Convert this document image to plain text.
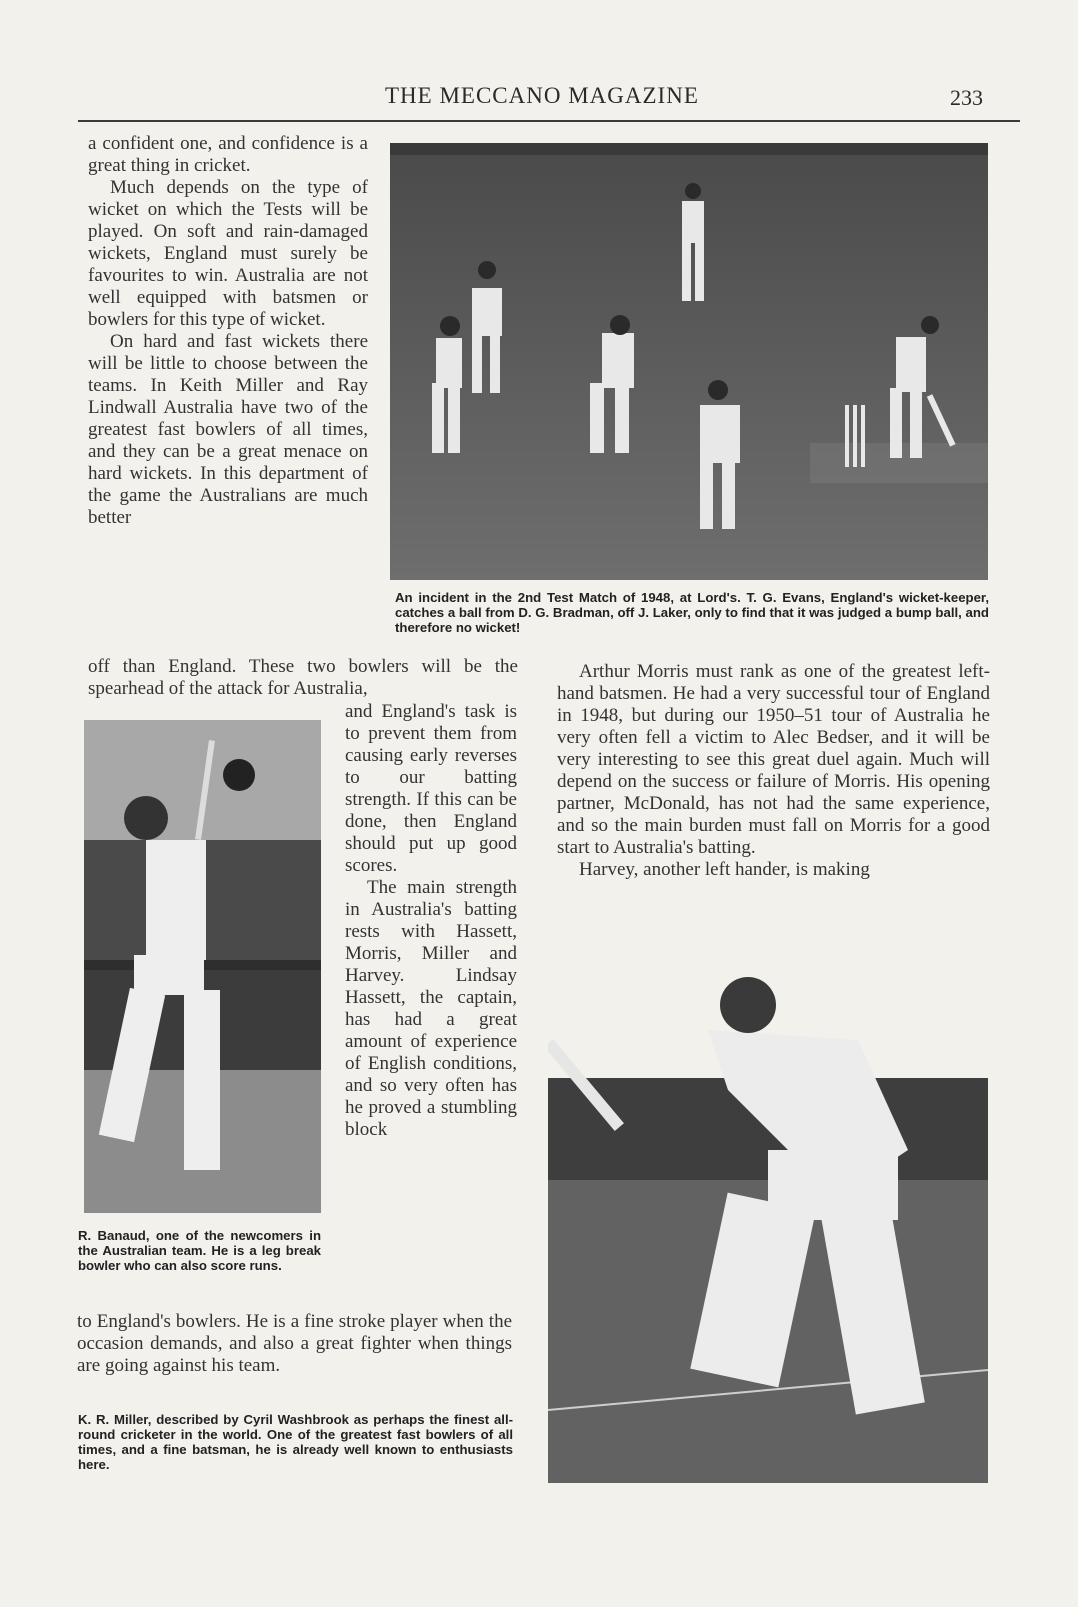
THE MECCANO MAGAZINE	233
An incident in the 2nd Test Match of 1948, at Lord's. T. G. Evans, England's wicket-keeper, catches a ball from D. G. Bradman, off J. Laker, only to find that it was judged a bump ball, and therefore no wicket!

a confident one, and confidence is a great thing in cricket.

Much depends on the type of wicket on which the Tests will be played. On soft and rain-damaged wickets, England must surely be favourites to win. Australia are not well equipped with batsmen or bowlers for this type of wicket.

On hard and fast wickets there will be little to choose between the teams. In Keith Miller and Ray Lindwall Australia have two of the greatest fast bowlers of all times, and they can be a great menace on hard wickets. In this department of the game the Australians are much better

off than England. These two bowlers will be the spearhead of the attack for Australia,
R. Banaud, one of the newcomers in the Australian team. He is a leg break bowler who can also score runs.

and England's task is to prevent them from causing early reverses to our batting strength. If this can be done, then England should put up good scores.

The main strength in Australia's batting rests with Hassett, Morris, Miller and Harvey. Lindsay Hassett, the captain, has had a great amount of experience of English conditions, and so very often has he proved a stumbling block

to England's bowlers. He is a fine stroke player when the occasion demands, and also a great fighter when things are going against his team.
K. R. Miller, described by Cyril Washbrook as perhaps the finest all-round cricketer in the world. One of the greatest fast bowlers of all times, and a fine batsman, he is already well known to enthusiasts here.

Arthur Morris must rank as one of the greatest left-hand batsmen. He had a very successful tour of England in 1948, but during our 1950–51 tour of Australia he very often fell a victim to Alec Bedser, and it will be very interesting to see this great duel again. Much will depend on the success or failure of Morris. His opening partner, McDonald, has not had the same experience, and so the main burden must fall on Morris for a good start to Australia's batting.

Harvey, another left hander, is making
